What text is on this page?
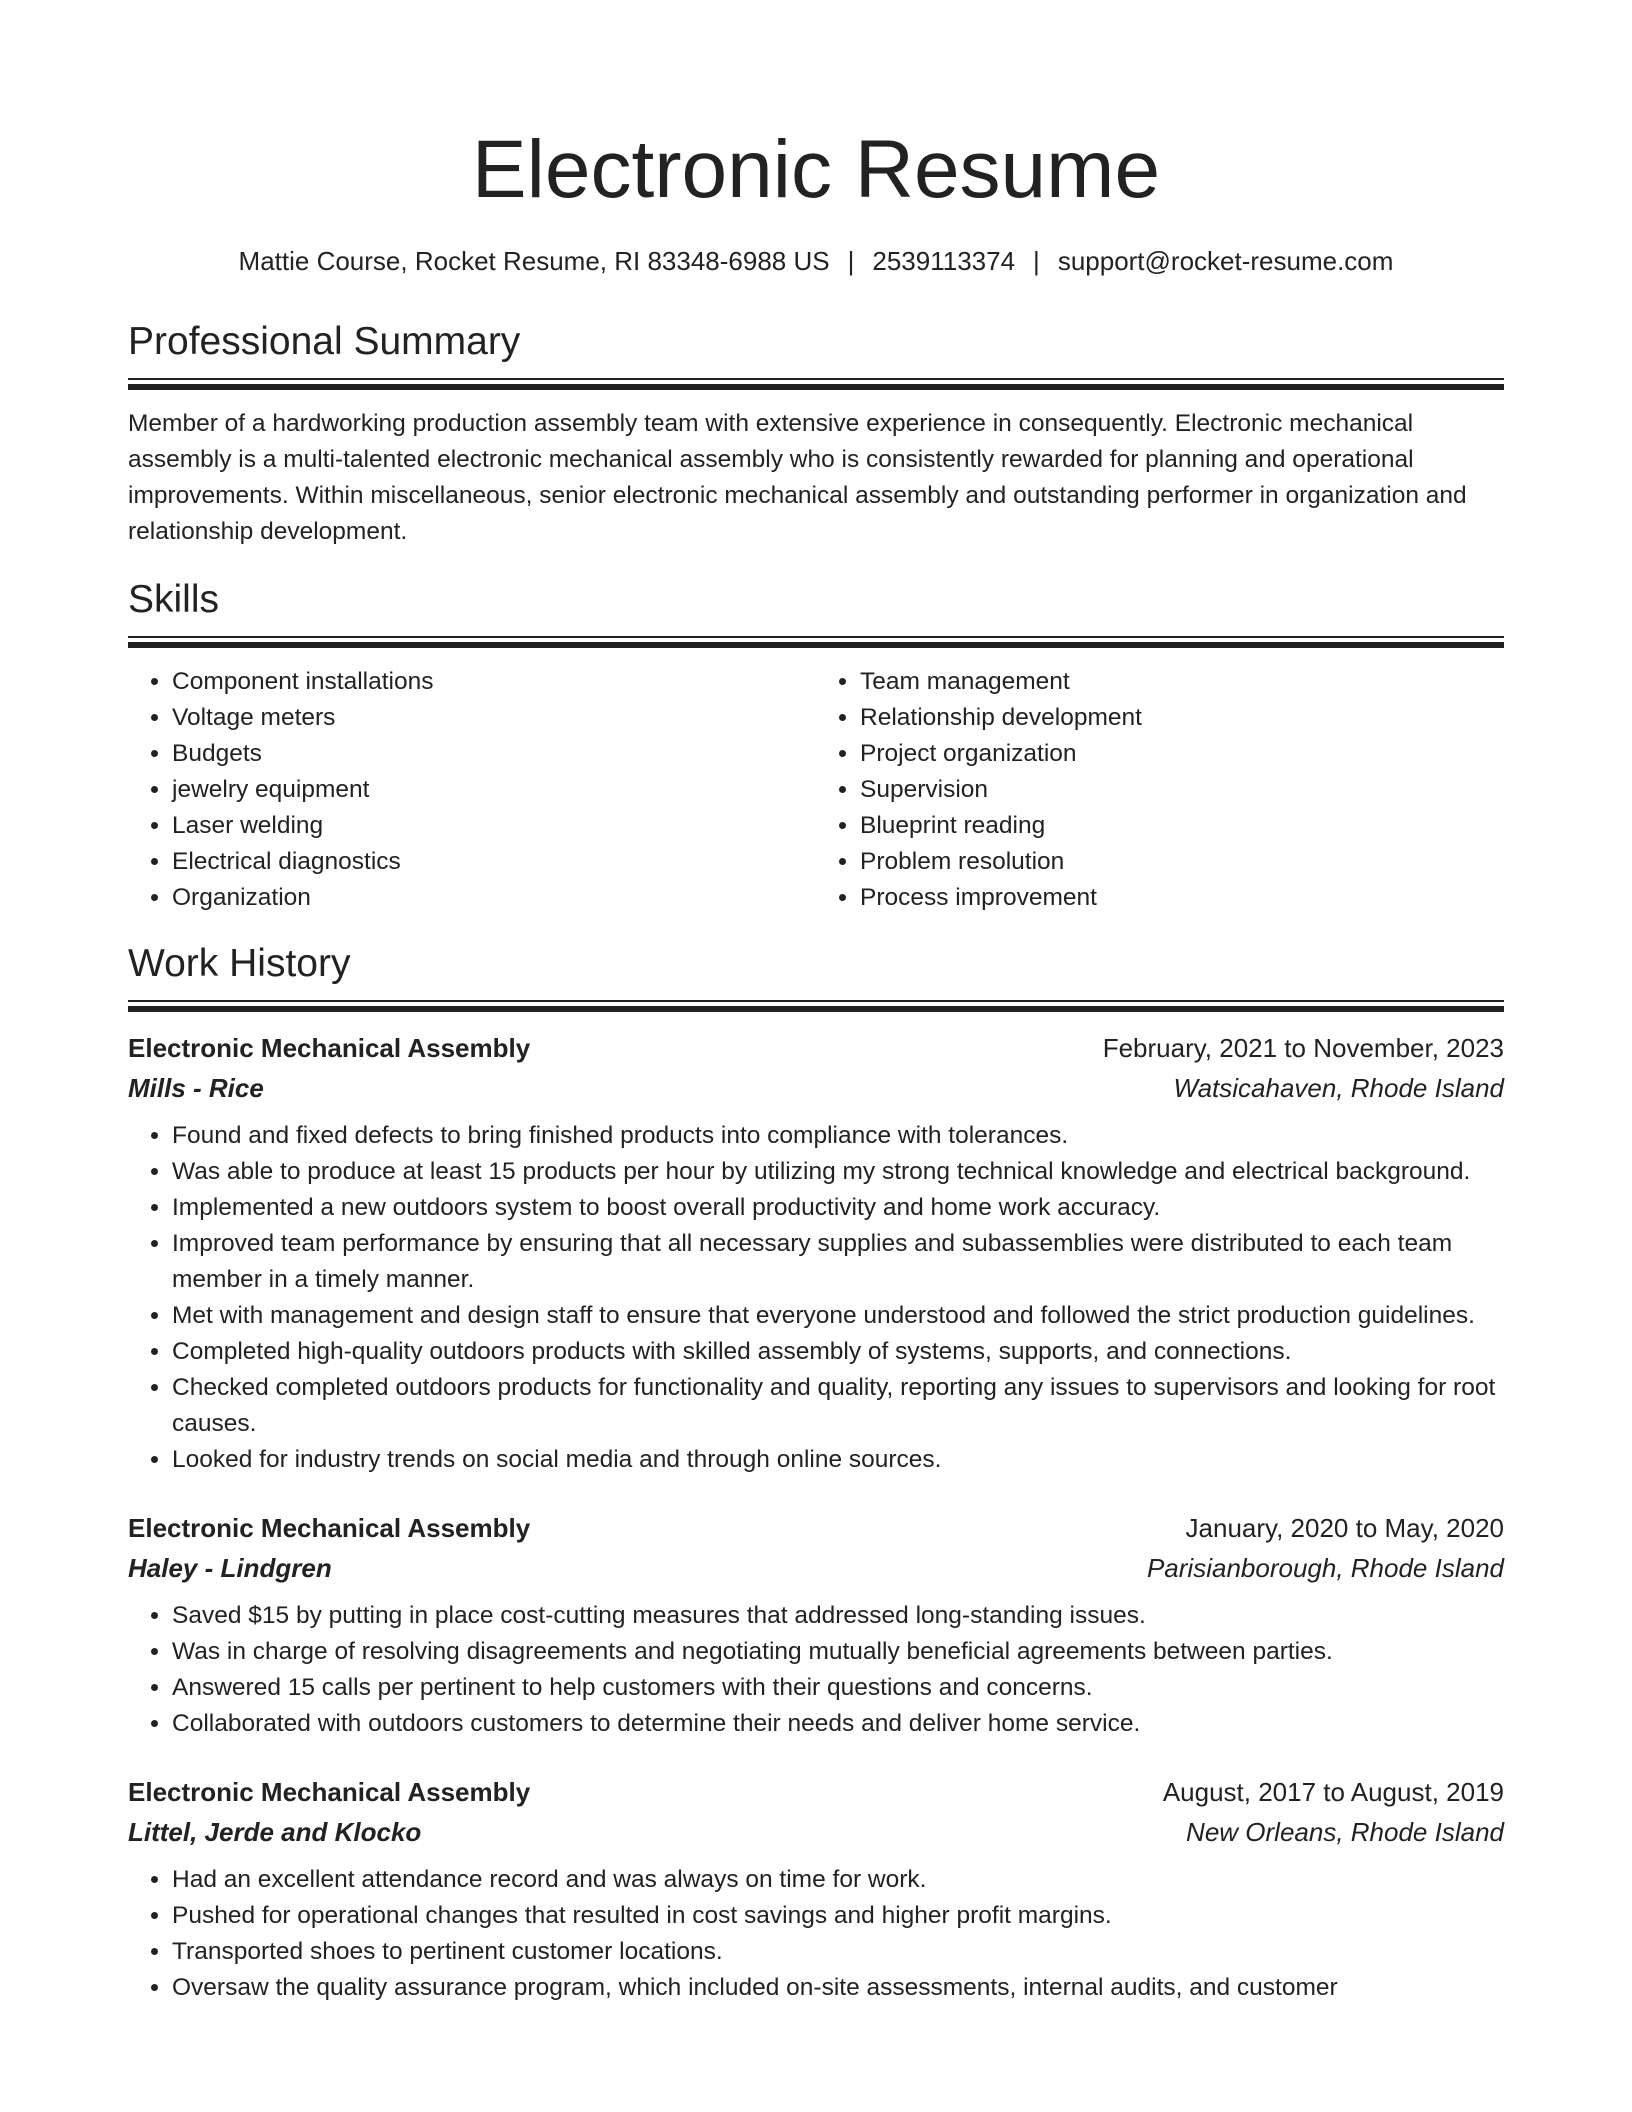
Electronic Resume
Mattie Course, Rocket Resume, RI 83348-6988 US | 2539113374 | support@rocket-resume.com
Professional Summary

Member of a hardworking production assembly team with extensive experience in consequently. Electronic mechanical assembly is a multi-talented electronic mechanical assembly who is consistently rewarded for planning and operational improvements. Within miscellaneous, senior electronic mechanical assembly and outstanding performer in organization and relationship development.

Skills
• Component installations
• Voltage meters
• Budgets
• jewelry equipment
• Laser welding
• Electrical diagnostics
• Organization
• Team management
• Relationship development
• Project organization
• Supervision
• Blueprint reading
• Problem resolution
• Process improvement
Work History
Electronic Mechanical Assembly	February, 2021 to November, 2023
Mills - Rice	Watsicahaven, Rhode Island
• Found and fixed defects to bring finished products into compliance with tolerances.
• Was able to produce at least 15 products per hour by utilizing my strong technical knowledge and electrical background.
• Implemented a new outdoors system to boost overall productivity and home work accuracy.
• Improved team performance by ensuring that all necessary supplies and subassemblies were distributed to each team member in a timely manner.
• Met with management and design staff to ensure that everyone understood and followed the strict production guidelines.
• Completed high-quality outdoors products with skilled assembly of systems, supports, and connections.
• Checked completed outdoors products for functionality and quality, reporting any issues to supervisors and looking for root causes.
• Looked for industry trends on social media and through online sources.
Electronic Mechanical Assembly	January, 2020 to May, 2020
Haley - Lindgren	Parisianborough, Rhode Island
• Saved $15 by putting in place cost-cutting measures that addressed long-standing issues.
• Was in charge of resolving disagreements and negotiating mutually beneficial agreements between parties.
• Answered 15 calls per pertinent to help customers with their questions and concerns.
• Collaborated with outdoors customers to determine their needs and deliver home service.
Electronic Mechanical Assembly	August, 2017 to August, 2019
Littel, Jerde and Klocko	New Orleans, Rhode Island
• Had an excellent attendance record and was always on time for work.
• Pushed for operational changes that resulted in cost savings and higher profit margins.
• Transported shoes to pertinent customer locations.
• Oversaw the quality assurance program, which included on-site assessments, internal audits, and customer
